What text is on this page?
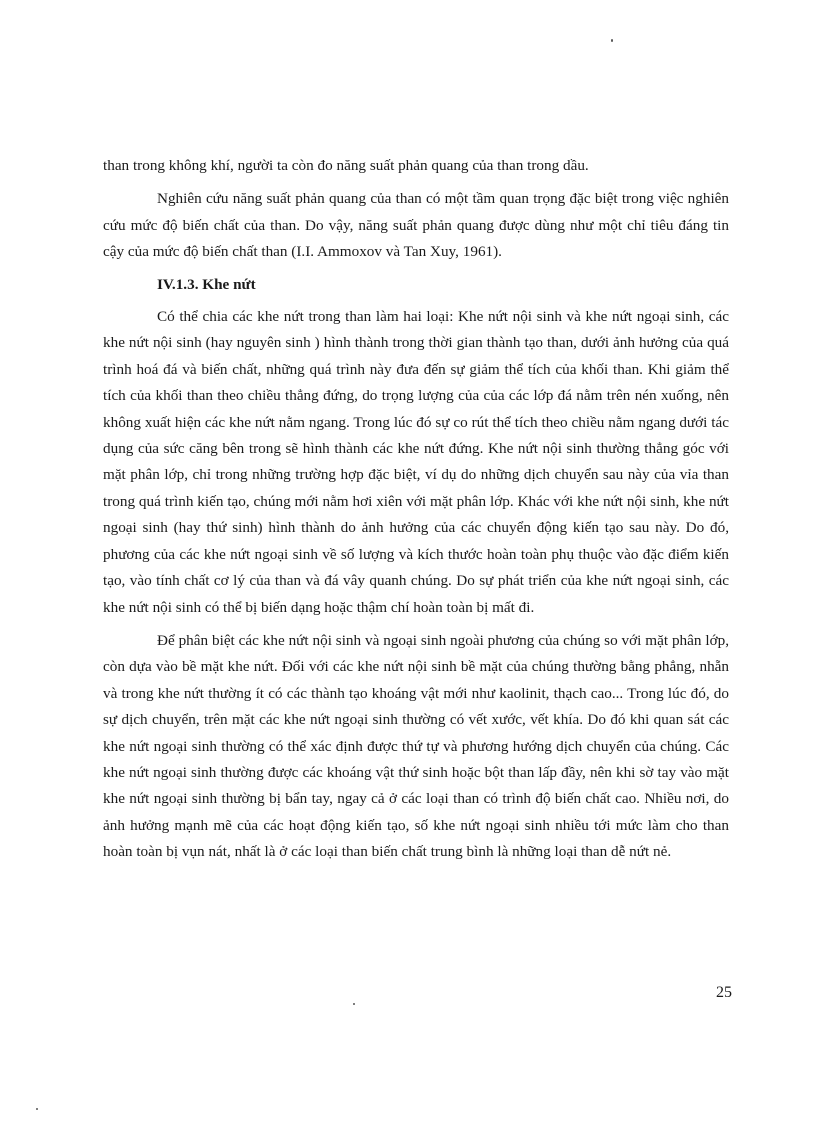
than trong không khí, người ta còn đo năng suất phản quang của than trong dầu.

Nghiên cứu năng suất phản quang của than có một tầm quan trọng đặc biệt trong việc nghiên cứu mức độ biến chất của than. Do vậy, năng suất phản quang được dùng như một chỉ tiêu đáng tin cậy của mức độ biến chất than (I.I. Ammoxov và Tan Xuy, 1961).

IV.1.3. Khe nứt

Có thể chia các khe nứt trong than làm hai loại: Khe nứt nội sinh và khe nứt ngoại sinh, các khe nứt nội sinh (hay nguyên sinh ) hình thành trong thời gian thành tạo than, dưới ảnh hưởng của quá trình hoá đá và biến chất, những quá trình này đưa đến sự giảm thể tích của khối than. Khi giảm thể tích của khối than theo chiều thẳng đứng, do trọng lượng của của các lớp đá nằm trên nén xuống, nên không xuất hiện các khe nứt nằm ngang. Trong lúc đó sự co rút thể tích theo chiều nằm ngang dưới tác dụng của sức căng bên trong sẽ hình thành các khe nứt đứng. Khe nứt nội sinh thường thẳng góc với mặt phân lớp, chỉ trong những trường hợp đặc biệt, ví dụ do những dịch chuyển sau này của vỉa than trong quá trình kiến tạo, chúng mới nằm hơi xiên với mặt phân lớp. Khác với khe nứt nội sinh, khe nứt ngoại sinh (hay thứ sinh) hình thành do ảnh hưởng của các chuyển động kiến tạo sau này. Do đó, phương của các khe nứt ngoại sinh về số lượng và kích thước hoàn toàn phụ thuộc vào đặc điểm kiến tạo, vào tính chất cơ lý của than và đá vây quanh chúng. Do sự phát triển của khe nứt ngoại sinh, các khe nứt nội sinh có thể bị biến dạng hoặc thậm chí hoàn toàn bị mất đi.

Để phân biệt các khe nứt nội sinh và ngoại sinh ngoài phương của chúng so với mặt phân lớp, còn dựa vào bề mặt khe nứt. Đối với các khe nứt nội sinh bề mặt của chúng thường bằng phẳng, nhẵn và trong khe nứt thường ít có các thành tạo khoáng vật mới như kaolinit, thạch cao... Trong lúc đó, do sự dịch chuyển, trên mặt các khe nứt ngoại sinh thường có vết xước, vết khía. Do đó khi quan sát các khe nứt ngoại sinh thường có thể xác định được thứ tự và phương hướng dịch chuyển của chúng. Các khe nứt ngoại sinh thường được các khoáng vật thứ sinh hoặc bột than lấp đầy, nên khi sờ tay vào mặt khe nứt ngoại sinh thường bị bẩn tay, ngay cả ở các loại than có trình độ biến chất cao. Nhiều nơi, do ảnh hưởng mạnh mẽ của các hoạt động kiến tạo, số khe nứt ngoại sinh nhiều tới mức làm cho than hoàn toàn bị vụn nát, nhất là ở các loại than biến chất trung bình là những loại than dễ nứt nẻ.

25
